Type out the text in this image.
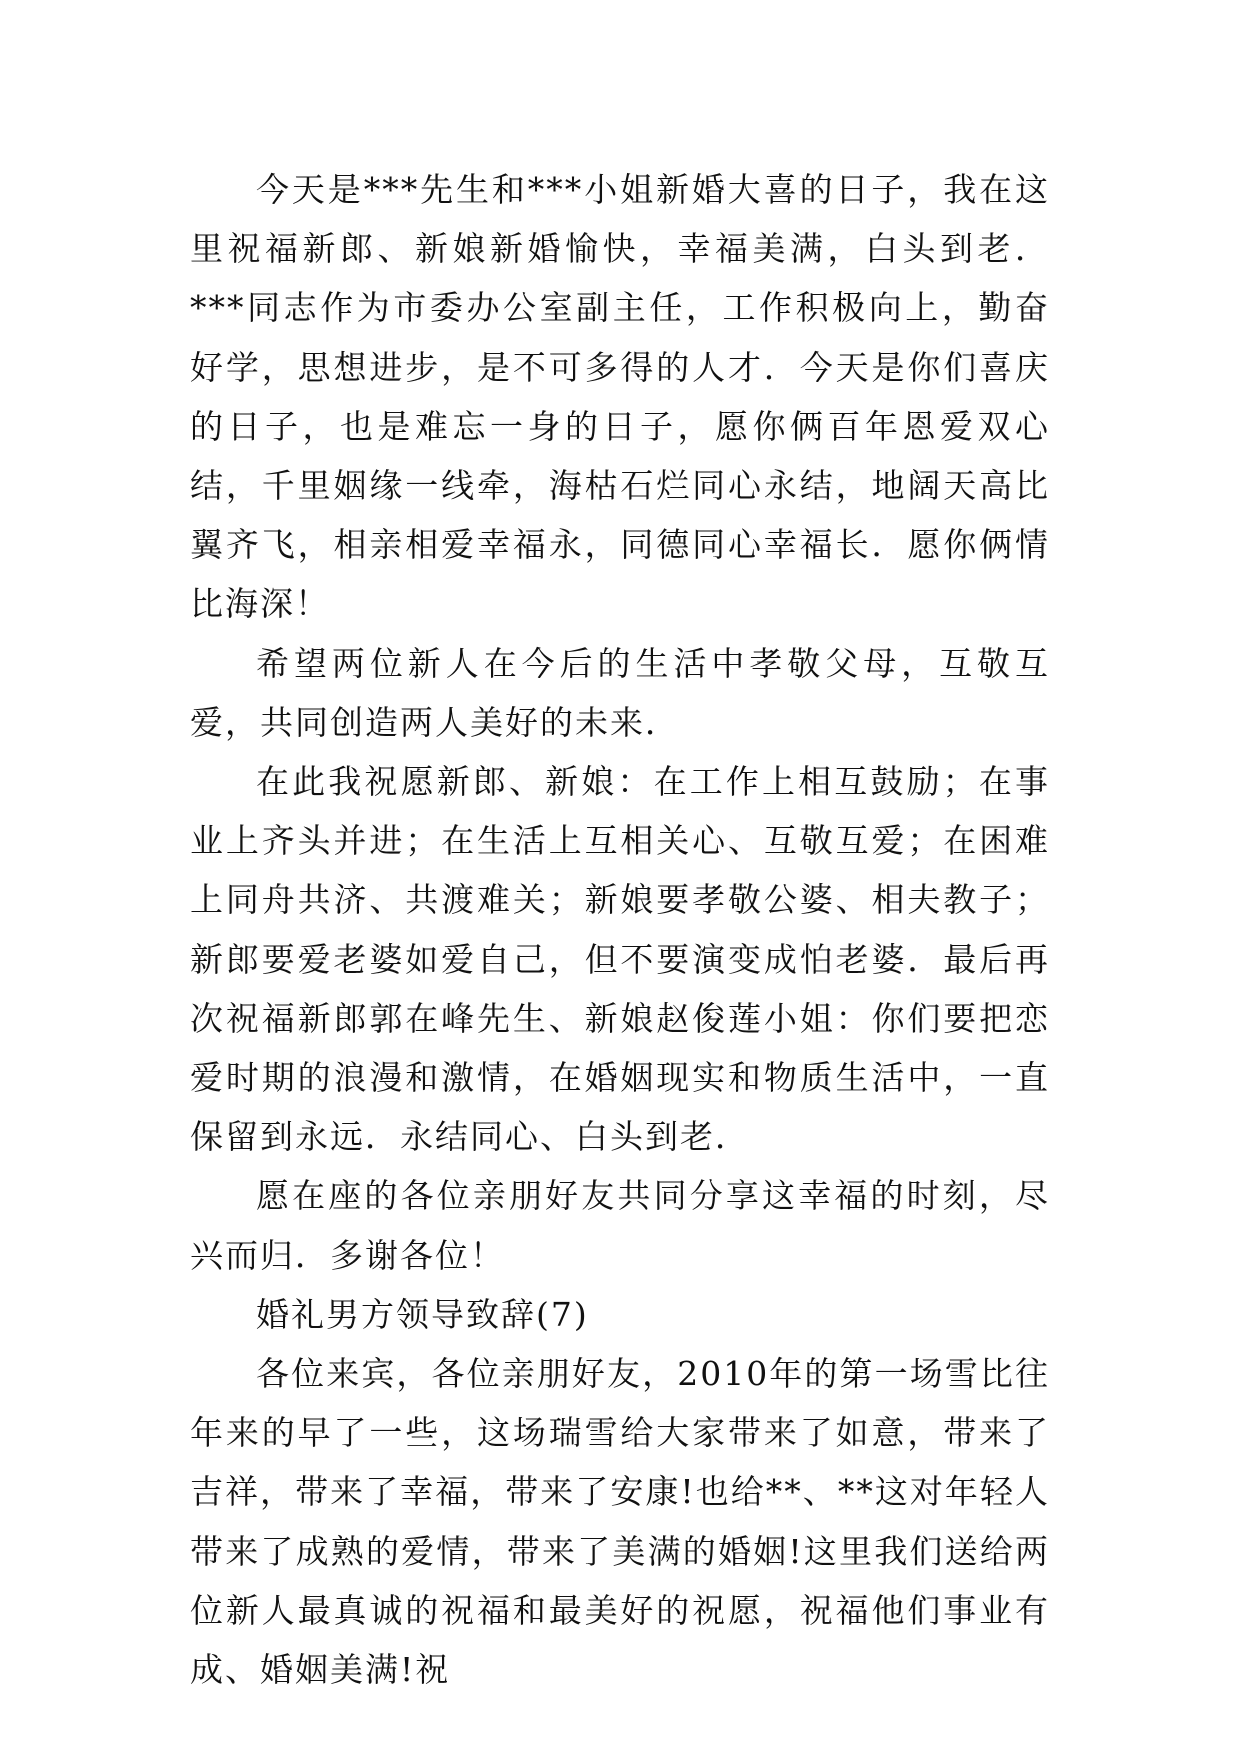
今天是***先生和***小姐新婚大喜的日子，我在这里祝福新郎、新娘新婚愉快，幸福美满，白头到老．***同志作为市委办公室副主任，工作积极向上，勤奋好学，思想进步，是不可多得的人才．今天是你们喜庆的日子，也是难忘一身的日子，愿你俩百年恩爱双心结，千里姻缘一线牵，海枯石烂同心永结，地阔天高比翼齐飞，相亲相爱幸福永，同德同心幸福长．愿你俩情比海深！

希望两位新人在今后的生活中孝敬父母，互敬互爱，共同创造两人美好的未来．

在此我祝愿新郎、新娘：在工作上相互鼓励；在事业上齐头并进；在生活上互相关心、互敬互爱；在困难上同舟共济、共渡难关；新娘要孝敬公婆、相夫教子；新郎要爱老婆如爱自己，但不要演变成怕老婆．最后再次祝福新郎郭在峰先生、新娘赵俊莲小姐：你们要把恋爱时期的浪漫和激情，在婚姻现实和物质生活中，一直保留到永远．永结同心、白头到老．

愿在座的各位亲朋好友共同分享这幸福的时刻，尽兴而归．多谢各位！

婚礼男方领导致辞(7)

各位来宾，各位亲朋好友，2010年的第一场雪比往年来的早了一些，这场瑞雪给大家带来了如意，带来了吉祥，带来了幸福，带来了安康!也给**、**这对年轻人带来了成熟的爱情，带来了美满的婚姻!这里我们送给两位新人最真诚的祝福和最美好的祝愿，祝福他们事业有成、婚姻美满!祝
